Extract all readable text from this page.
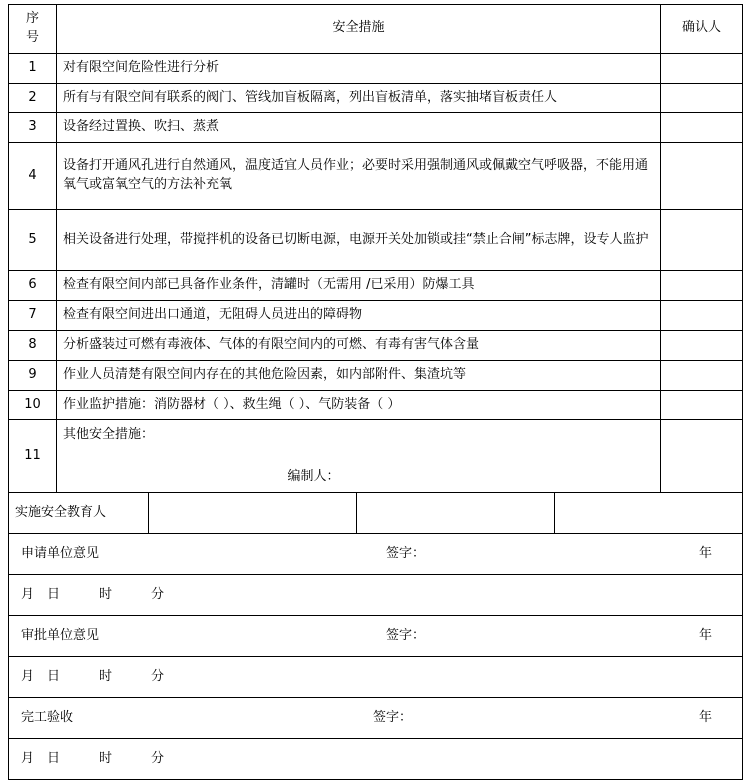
序
号	安全措施	确认人
1	对有限空间危险性进行分析	
2	所有与有限空间有联系的阀门、管线加盲板隔离，列出盲板清单，落实抽堵盲板责任人	
3	设备经过置换、吹扫、蒸煮	
4	设备打开通风孔进行自然通风，温度适宜人员作业；必要时采用强制通风或佩戴空气呼吸器，不能用通氧气或富氧空气的方法补充氧	
5	相关设备进行处理，带搅拌机的设备已切断电源，电源开关处加锁或挂“禁止合闸”标志牌，设专人监护	
6	检查有限空间内部已具备作业条件，清罐时（无需用 /已采用）防爆工具	
7	检查有限空间进出口通道，无阻碍人员进出的障碍物	
8	分析盛装过可燃有毒液体、气体的有限空间内的可燃、有毒有害气体含量	
9	作业人员清楚有限空间内存在的其他危险因素，如内部附件、集渣坑等	
10	作业监护措施：消防器材（ ）、救生绳（ ）、气防装备（ ）	
11	其他安全措施：
编制人：	

实施安全教育人			
申请单位意见	签字：	年

月 日	时	分

审批单位意见	签字：	年

月 日	时	分

完工验收	签字：	年

月 日	时	分
